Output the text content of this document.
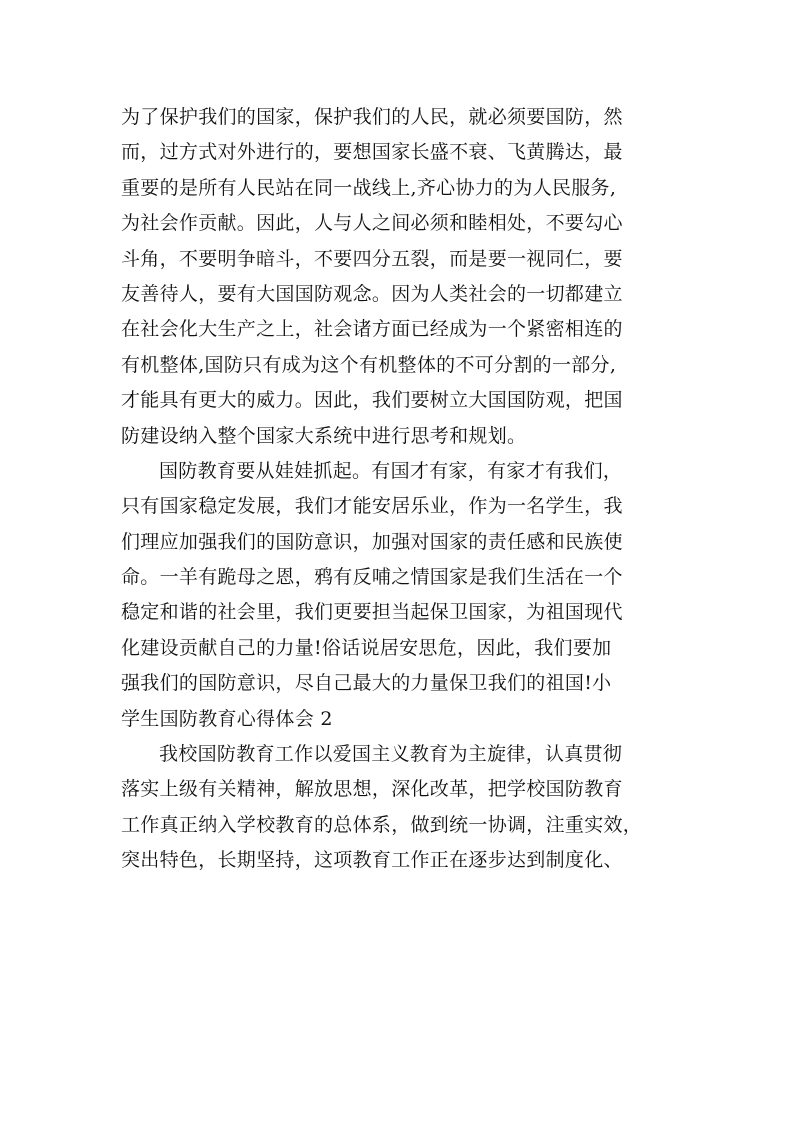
为了保护我们的国家，保护我们的人民，就必须要国防，然
而，过方式对外进行的，要想国家长盛不衰、飞黄腾达，最
重要的是所有人民站在同一战线上,齐心协力的为人民服务,
为社会作贡献。因此，人与人之间必须和睦相处，不要勾心
斗角，不要明争暗斗，不要四分五裂，而是要一视同仁，要
友善待人，要有大国国防观念。因为人类社会的一切都建立
在社会化大生产之上，社会诸方面已经成为一个紧密相连的
有机整体,国防只有成为这个有机整体的不可分割的一部分,
才能具有更大的威力。因此，我们要树立大国国防观，把国
防建设纳入整个国家大系统中进行思考和规划。
国防教育要从娃娃抓起。有国才有家，有家才有我们，
只有国家稳定发展，我们才能安居乐业，作为一名学生，我
们理应加强我们的国防意识，加强对国家的责任感和民族使
命。一羊有跪母之恩，鸦有反哺之情国家是我们生活在一个
稳定和谐的社会里，我们更要担当起保卫国家，为祖国现代
化建设贡献自己的力量!俗话说居安思危，因此，我们要加
强我们的国防意识，尽自己最大的力量保卫我们的祖国!小
学生国防教育心得体会 2
我校国防教育工作以爱国主义教育为主旋律，认真贯彻
落实上级有关精神，解放思想，深化改革，把学校国防教育
工作真正纳入学校教育的总体系，做到统一协调，注重实效，
突出特色，长期坚持，这项教育工作正在逐步达到制度化、
